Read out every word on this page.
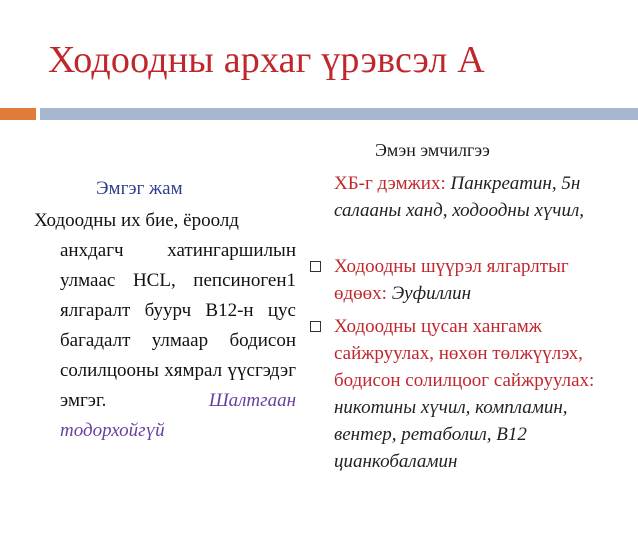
Ходоодны архаг үрэвсэл А
Эмгэг жам
Ходоодны их бие, ёроолд
анхдагч хатингаршилын улмаас HCL, пепсиноген1 ялгаралт буурч B12-н цус багадалт улмаар бодисон солилцооны хямрал үүсгэдэг эмгэг.	Шалтгаан тодорхойгүй
Эмэн эмчилгээ
ХБ-г дэмжих: Панкреатин, 5н салааны ханд, ходоодны хүчил,
Ходоодны шүүрэл ялгарлтыг өдөөх: Эуфиллин
Ходоодны цусан хангамж сайжруулах, нөхөн төлжүүлэх, бодисон солилцоог сайжруулах: никотины хүчил, компламин, вентер, ретаболил, B12 цианкобаламин
